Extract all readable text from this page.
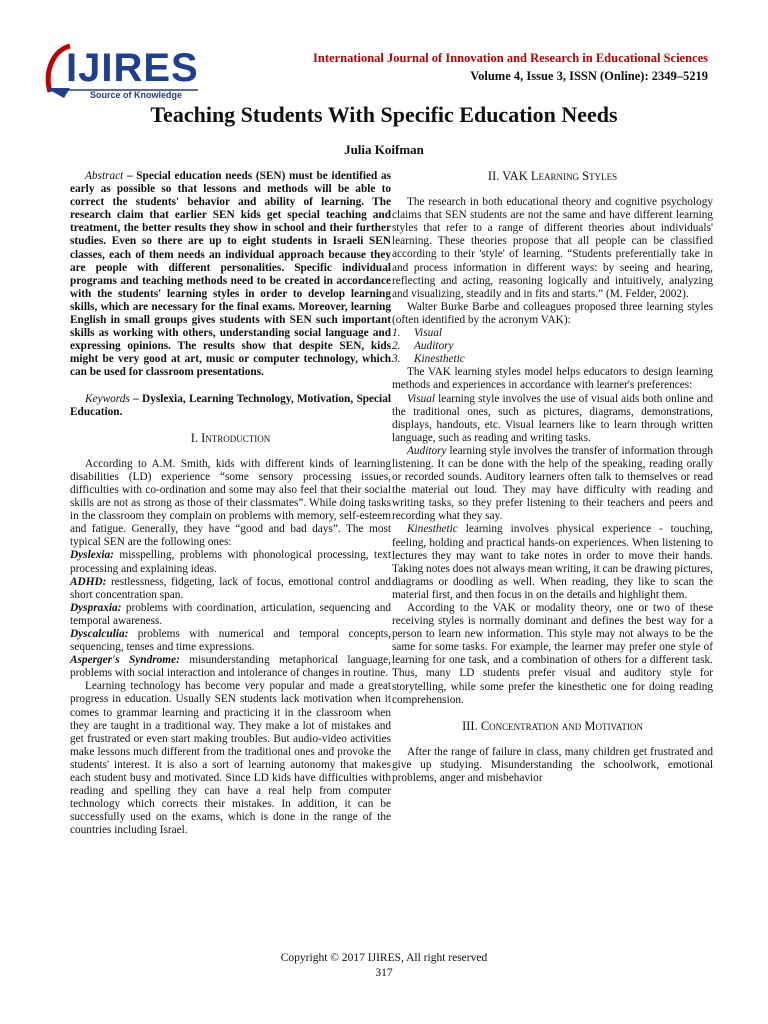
IJIRES
Source of Knowledge
International Journal of Innovation and Research in Educational Sciences
Volume 4, Issue 3, ISSN (Online): 2349–5219
Teaching Students With Specific Education Needs
Julia Koifman

Abstract – Special education needs (SEN) must be identified as early as possible so that lessons and methods will be able to correct the students' behavior and ability of learning. The research claim that earlier SEN kids get special teaching and treatment, the better results they show in school and their further studies. Even so there are up to eight students in Israeli SEN classes, each of them needs an individual approach because they are people with different personalities. Specific individual programs and teaching methods need to be created in accordance with the students' learning styles in order to develop learning skills, which are necessary for the final exams. Moreover, learning English in small groups gives students with SEN such important skills as working with others, understanding social language and expressing opinions. The results show that despite SEN, kids might be very good at art, music or computer technology, which can be used for classroom presentations.

Keywords – Dyslexia, Learning Technology, Motivation, Special Education.

I. Introduction

According to A.M. Smith, kids with different kinds of learning disabilities (LD) experience “some sensory processing issues, difficulties with co-ordination and some may also feel that their social skills are not as strong as those of their classmates”. While doing tasks in the classroom they complain on problems with memory, self-esteem and fatigue. Generally, they have “good and bad days”. The most typical SEN are the following ones:

Dyslexia: misspelling, problems with phonological processing, text processing and explaining ideas.

ADHD: restlessness, fidgeting, lack of focus, emotional control and short concentration span.

Dyspraxia: problems with coordination, articulation, sequencing and temporal awareness.

Dyscalculia: problems with numerical and temporal concepts, sequencing, tenses and time expressions.

Asperger's Syndrome: misunderstanding metaphorical language, problems with social interaction and intolerance of changes in routine.

Learning technology has become very popular and made a great progress in education. Usually SEN students lack motivation when it comes to grammar learning and practicing it in the classroom when they are taught in a traditional way. They make a lot of mistakes and get frustrated or even start making troubles. But audio-video activities make lessons much different from the traditional ones and provoke the students' interest. It is also a sort of learning autonomy that makes each student busy and motivated. Since LD kids have difficulties with reading and spelling they can have a real help from computer technology which corrects their mistakes. In addition, it can be successfully used on the exams, which is done in the range of the countries including Israel.

II. VAK Learning Styles

The research in both educational theory and cognitive psychology claims that SEN students are not the same and have different learning styles that refer to a range of different theories about individuals' learning. These theories propose that all people can be classified according to their 'style' of learning. “Students preferentially take in and process information in different ways: by seeing and hearing, reflecting and acting, reasoning logically and intuitively, analyzing and visualizing, steadily and in fits and starts.” (M. Felder, 2002).

Walter Burke Barbe and colleagues proposed three learning styles (often identified by the acronym VAK):

1. Visual
2. Auditory
3. Kinesthetic

The VAK learning styles model helps educators to design learning methods and experiences in accordance with learner's preferences:

Visual learning style involves the use of visual aids both online and the traditional ones, such as pictures, diagrams, demonstrations, displays, handouts, etc. Visual learners like to learn through written language, such as reading and writing tasks.

Auditory learning style involves the transfer of information through listening. It can be done with the help of the speaking, reading orally or recorded sounds. Auditory learners often talk to themselves or read the material out loud. They may have difficulty with reading and writing tasks, so they prefer listening to their teachers and peers and recording what they say.

Kinesthetic learning involves physical experience - touching, feeling, holding and practical hands-on experiences. When listening to lectures they may want to take notes in order to move their hands. Taking notes does not always mean writing, it can be drawing pictures, diagrams or doodling as well. When reading, they like to scan the material first, and then focus in on the details and highlight them.

According to the VAK or modality theory, one or two of these receiving styles is normally dominant and defines the best way for a person to learn new information. This style may not always to be the same for some tasks. For example, the learner may prefer one style of learning for one task, and a combination of others for a different task. Thus, many LD students prefer visual and auditory style for storytelling, while some prefer the kinesthetic one for doing reading comprehension.

III. Concentration and Motivation

After the range of failure in class, many children get frustrated and give up studying. Misunderstanding the schoolwork, emotional problems, anger and misbehavior

Copyright © 2017 IJIRES, All right reserved
317
